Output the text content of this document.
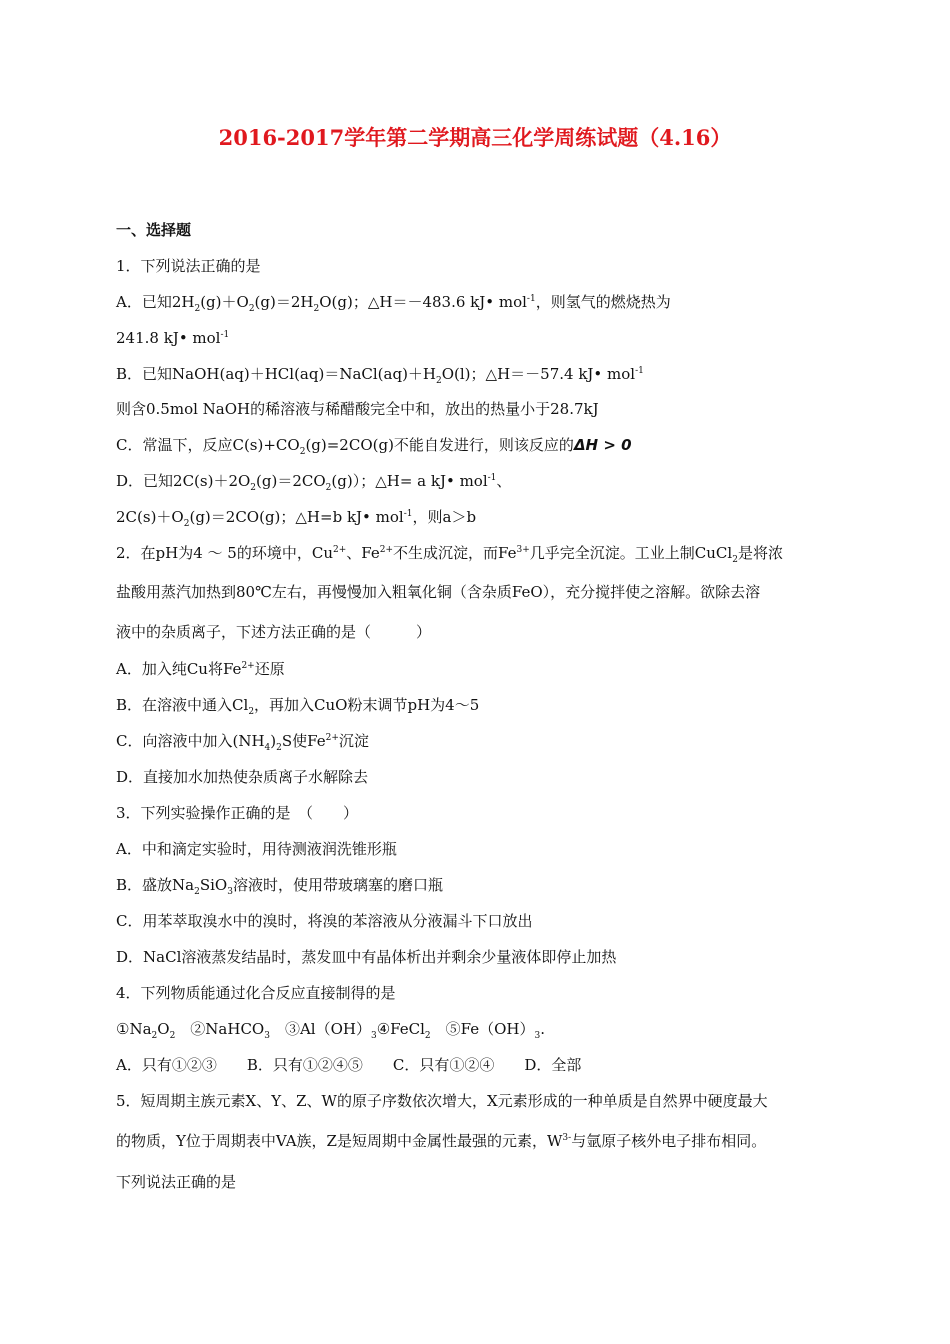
2016-2017学年第二学期高三化学周练试题（4.16）
一、选择题
1．下列说法正确的是
A．已知$2H_2(g)+O_2(g)=2H_2O(g)$；△H＝－483.6 kJ• mol$^{-1}$，则氢气的燃烧热为
241.8 kJ• mol$^{-1}$
B．已知$NaOH(aq)+HCl(aq)=NaCl(aq)+H_2O(l)$；△H＝－57.4 kJ• mol$^{-1}$
则含0.5mol NaOH的稀溶液与稀醋酸完全中和，放出的热量小于28.7kJ
C．常温下，反应$C(s)+CO_2(g)=2CO(g)$不能自发进行，则该反应的ΔH > 0
D．已知$2C(s)+2O_2(g)=2CO_2(g)$）；△H= a kJ• mol$^{-1}$、
$2C(s)+O_2(g)=2CO(g)$；△H=b kJ• mol$^{-1}$，则a＞b
2．在pH为4 ～ 5的环境中，$Cu^{2+}$、$Fe^{2+}$不生成沉淀，而$Fe^{3+}$几乎完全沉淀。工业上制CuCl$_2$是将浓
盐酸用蒸汽加热到80℃左右，再慢慢加入粗氧化铜（含杂质FeO），充分搅拌使之溶解。欲除去溶
液中的杂质离子，下述方法正确的是（　　　）
A．加入纯Cu将$Fe^{2+}$还原
B．在溶液中通入$Cl_2$，再加入CuO粉末调节pH为4～5
C．向溶液中加入$(NH_4)_2S$使$Fe^{2+}$沉淀
D．直接加水加热使杂质离子水解除去
3．下列实验操作正确的是　（　　）
A．中和滴定实验时，用待测液润洗锥形瓶
B．盛放$Na_2SiO_3$溶液时，使用带玻璃塞的磨口瓶
C．用苯萃取溴水中的溴时，将溴的苯溶液从分液漏斗下口放出
D．NaCl溶液蒸发结晶时，蒸发皿中有晶体析出并剩余少量液体即停止加热
4．下列物质能通过化合反应直接制得的是
$①Na_2O_2$　②NaHCO$_3$　$③Al(OH)_3④FeCl_2$　$⑤Fe(OH)_3$.
A．只有①②③　　B．只有①②④⑤　　C．只有①②④　　D．全部
5．短周期主族元素X、Y、Z、W的原子序数依次增大，X元素形成的一种单质是自然界中硬度最大
的物质，Y位于周期表中VA族，Z是短周期中金属性最强的元素，$W^{3-}$与氩原子核外电子排布相同。
下列说法正确的是
